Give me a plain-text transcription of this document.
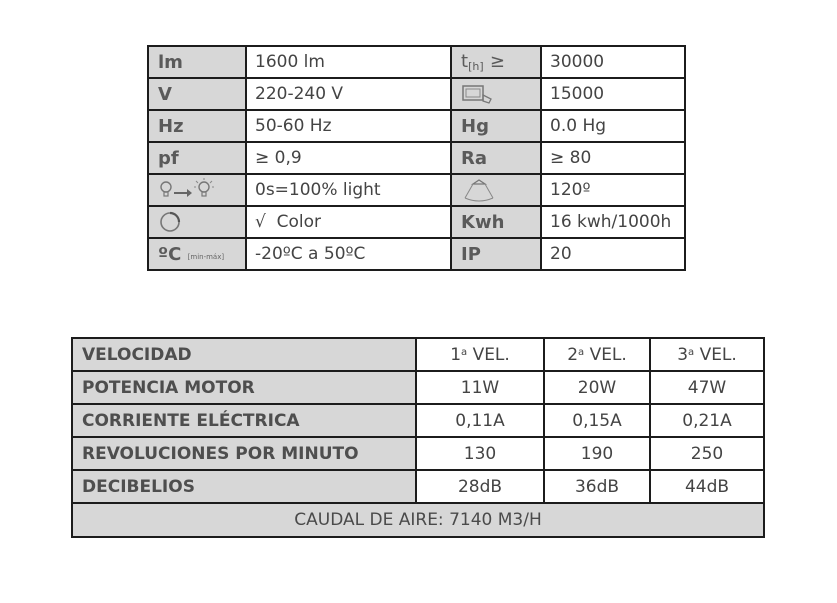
lm	1600 lm	t[h] ≥	30000
V	220-240 V		15000
Hz	50-60 Hz	Hg	0.0 Hg
pf	≥ 0,9	Ra	≥ 80

	0s=100% light		120º

	√ Color	Kwh	16 kwh/1000h
ºC [min-máx]	-20ºC a 50ºC	IP	20
VELOCIDAD	1$^a$ VEL.	2$^a$ VEL.	3$^a$ VEL.
POTENCIA MOTOR	11W	20W	47W
CORRIENTE ELÉCTRICA	0,11A	0,15A	0,21A
REVOLUCIONES POR MINUTO	130	190	250
DECIBELIOS	28dB	36dB	44dB
CAUDAL DE AIRE: 7140 M3/H			
